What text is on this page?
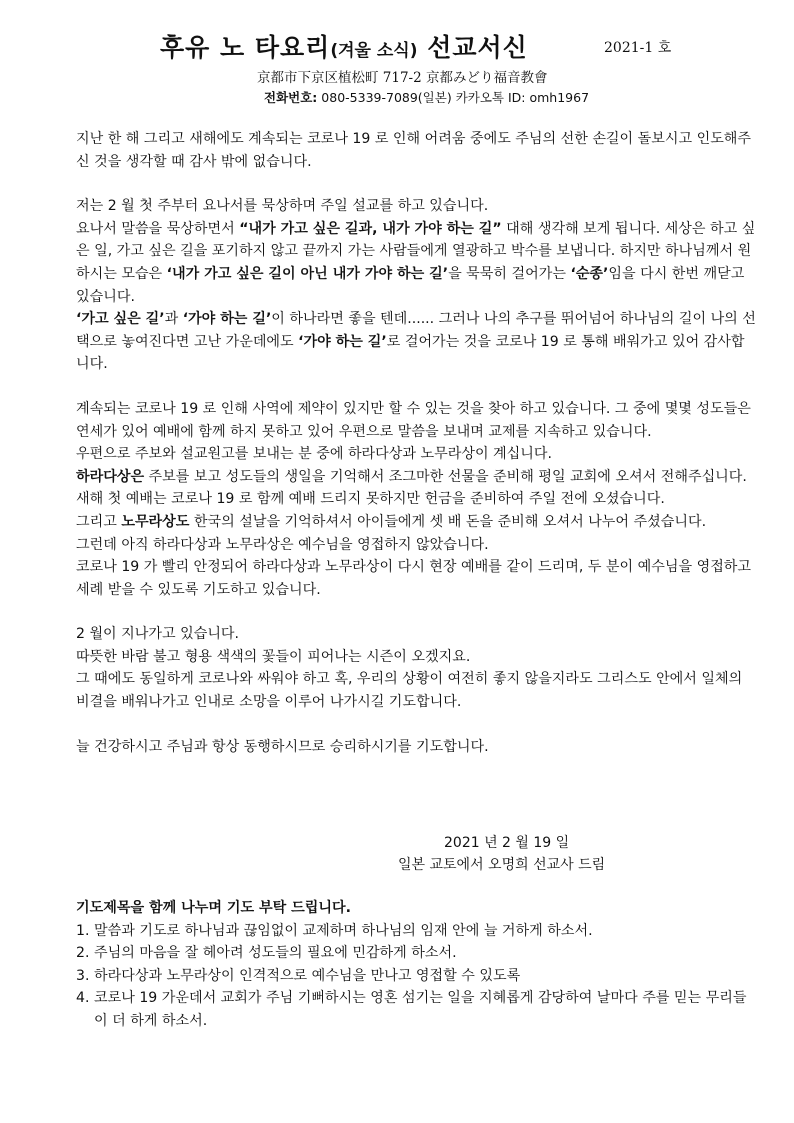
후유 노 타요리(겨울 소식) 선교서신	2021-1 호
京都市下京区植松町 717-2 京都みどり福音教會
전화번호: 080-5339-7089(일본) 카카오톡 ID: omh1967

지난 한 해 그리고 새해에도 계속되는 코로나 19 로 인해 어려움 중에도 주님의 선한 손길이 돌보시고 인도해주신 것을 생각할 때 감사 밖에 없습니다.

저는 2 월 첫 주부터 요나서를 묵상하며 주일 설교를 하고 있습니다.

요나서 말씀을 묵상하면서 “내가 가고 싶은 길과, 내가 가야 하는 길” 대해 생각해 보게 됩니다. 세상은 하고 싶은 일, 가고 싶은 길을 포기하지 않고 끝까지 가는 사람들에게 열광하고 박수를 보냅니다. 하지만 하나님께서 원하시는 모습은 ‘내가 가고 싶은 길이 아닌 내가 가야 하는 길’을 묵묵히 걸어가는 ‘순종’임을 다시 한번 깨닫고 있습니다.

‘가고 싶은 길’과 ‘가야 하는 길’이 하나라면 좋을 텐데...... 그러나 나의 추구를 뛰어넘어 하나님의 길이 나의 선택으로 놓여진다면 고난 가운데에도 ‘가야 하는 길’로 걸어가는 것을 코로나 19 로 통해 배워가고 있어 감사합니다.

계속되는 코로나 19 로 인해 사역에 제약이 있지만 할 수 있는 것을 찾아 하고 있습니다. 그 중에 몇몇 성도들은 연세가 있어 예배에 함께 하지 못하고 있어 우편으로 말씀을 보내며 교제를 지속하고 있습니다.

우편으로 주보와 설교원고를 보내는 분 중에 하라다상과 노무라상이 계십니다.

하라다상은 주보를 보고 성도들의 생일을 기억해서 조그마한 선물을 준비해 평일 교회에 오셔서 전해주십니다. 새해 첫 예배는 코로나 19 로 함께 예배 드리지 못하지만 헌금을 준비하여 주일 전에 오셨습니다.

그리고 노무라상도 한국의 설날을 기억하셔서 아이들에게 셋 배 돈을 준비해 오셔서 나누어 주셨습니다.

그런데 아직 하라다상과 노무라상은 예수님을 영접하지 않았습니다.

코로나 19 가 빨리 안정되어 하라다상과 노무라상이 다시 현장 예배를 같이 드리며, 두 분이 예수님을 영접하고 세례 받을 수 있도록 기도하고 있습니다.

2 월이 지나가고 있습니다.

따뜻한 바람 불고 형용 색색의 꽃들이 피어나는 시즌이 오겠지요.

그 때에도 동일하게 코로나와 싸워야 하고 혹, 우리의 상황이 여전히 좋지 않을지라도 그리스도 안에서 일체의 비결을 배워나가고 인내로 소망을 이루어 나가시길 기도합니다.

늘 건강하시고 주님과 항상 동행하시므로 승리하시기를 기도합니다.

2021 년 2 월 19 일
일본 교토에서 오명희 선교사 드림
기도제목을 함께 나누며 기도 부탁 드립니다.
1. 말씀과 기도로 하나님과 끊임없이 교제하며 하나님의 임재 안에 늘 거하게 하소서.
2. 주님의 마음을 잘 헤아려 성도들의 필요에 민감하게 하소서.
3. 하라다상과 노무라상이 인격적으로 예수님을 만나고 영접할 수 있도록
4. 코로나 19 가운데서 교회가 주님 기뻐하시는 영혼 섬기는 일을 지혜롭게 감당하여 날마다 주를 믿는 무리들이 더 하게 하소서.
